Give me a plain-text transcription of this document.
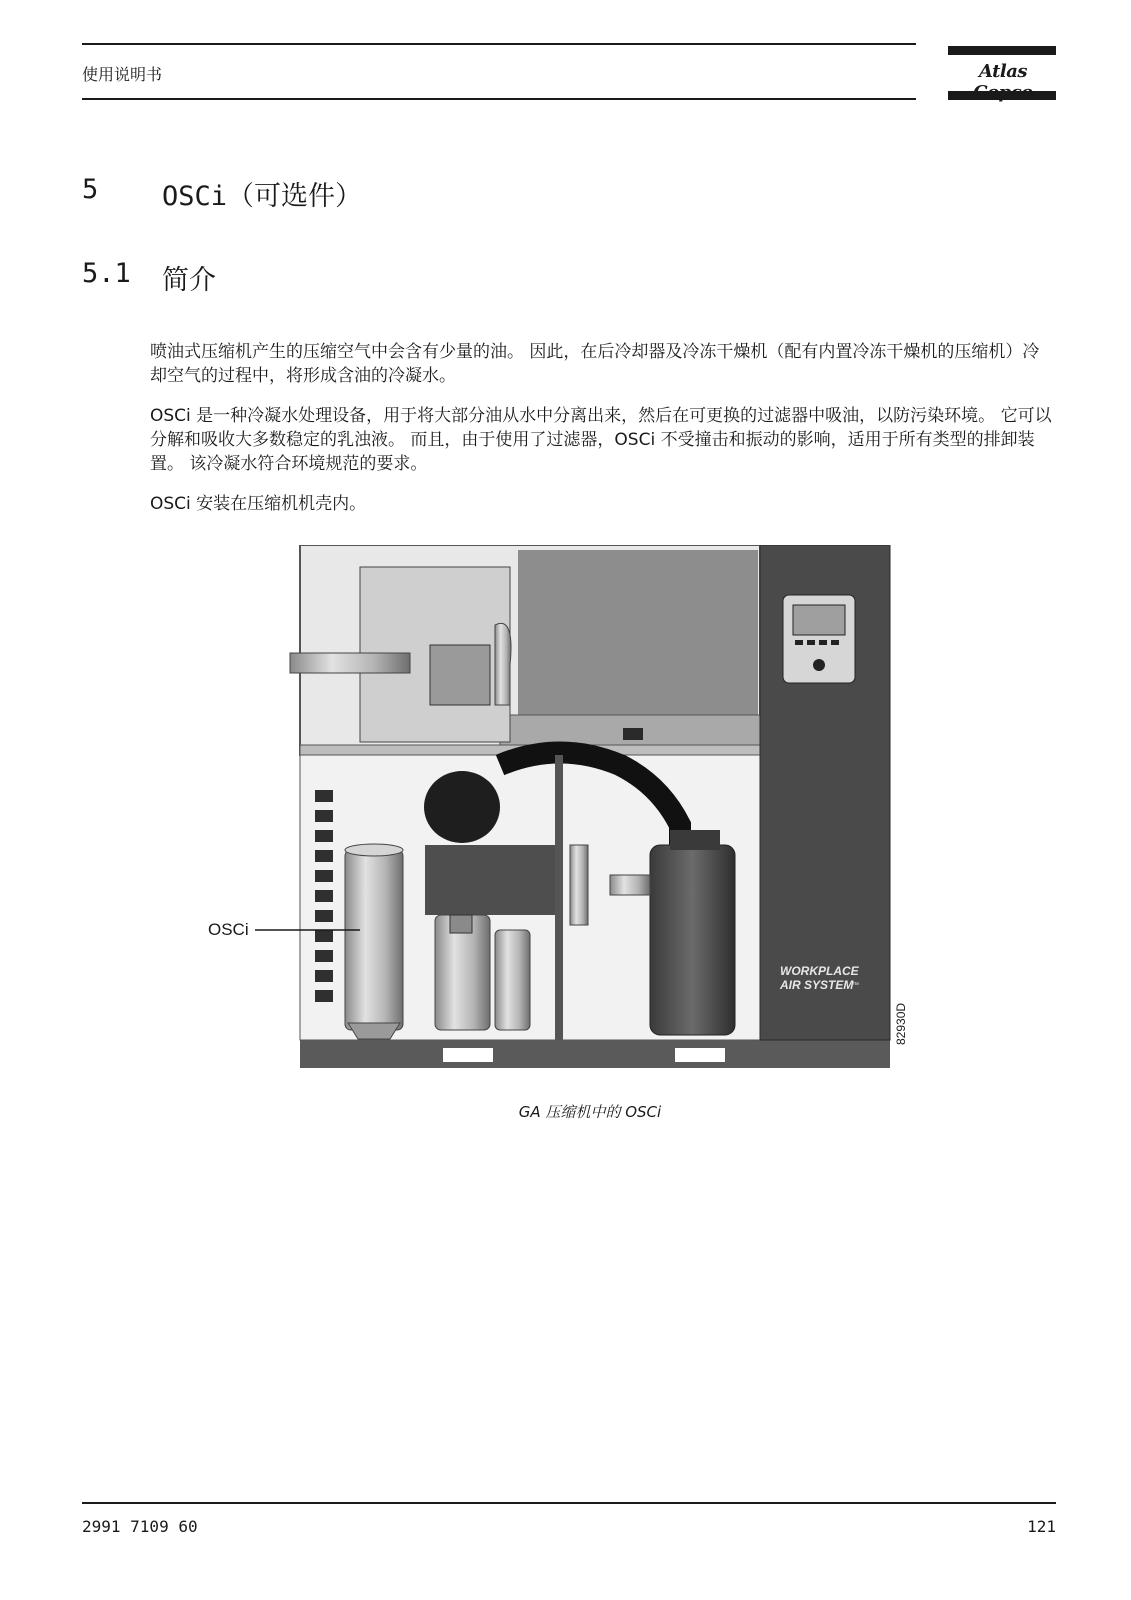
使用说明书	Atlas
5 OSCi（可选件）
5.1 简介
喷油式压缩机产生的压缩空气中会含有少量的油。 因此，在后冷却器及冷冻干燥机（配有内置冷冻干燥机的压缩机）冷却空气的过程中，将形成含油的冷凝水。
OSCi 是一种冷凝水处理设备，用于将大部分油从水中分离出来，然后在可更换的过滤器中吸油，以防污染环境。 它可以分解和吸收大多数稳定的乳浊液。 而且，由于使用了过滤器，OSCi 不受撞击和振动的影响，适用于所有类型的排卸装置。 该冷凝水符合环境规范的要求。
OSCi 安装在压缩机机壳内。
WORKPLACE
AIR SYSTEM
™
OSCi
82930D
GA 压缩机中的 OSCi
2991 7109 60	121
